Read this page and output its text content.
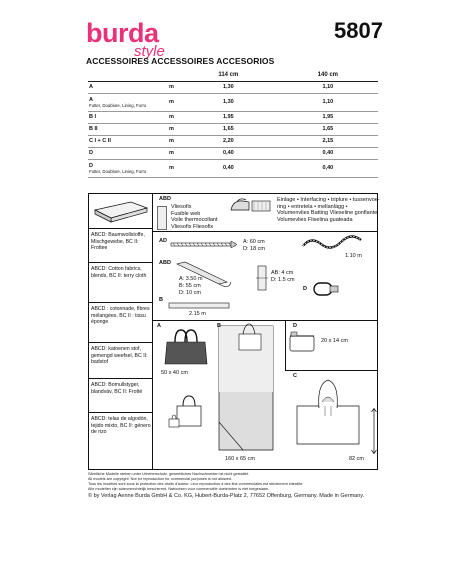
burda
style
5807
ACCESSOIRES ACCESSOIRES ACCESORIOS
		114 cm	140 cm
A	m	1,30	1,10
A
Futter, Doublure, Lining, Forro	m	1,30	1,10
B I	m	1,95	1,95
B II	m	1,65	1,65
C I + C II	m	2,20	2,15
D	m	0,40	0,40
D
Futter, Doublure, Lining, Forro	m	0,40	0,40
ABCD: Baumwollstoffe, Mischgewebe, BC II: Frottee
ABCD: Cotton fabrics, blends, BC II: terry cloth
ABCD : cotonnade, fibres mélangées, BC II : tissu éponge
ABCD: katoenen stof, gemengd weefsel, BC II: badstof
ABCD: Bomullstyger, blandväv, BC II: Frotté
ABCD: telas de algodón, tejido mixto, BC II: género de rizo
ABD
Vliesofix
Fusible web
Voile thermocollant
Vliesofix Fliesofix
Einlage • Interfacing • triplure • tussenvoe-
ring • entretela • mellanlägg •
Volumenvlies Batting Vlieseline gonflante
Volumevlies Fliselina guateada
AD	A: 60 cm
D: 18 cm
1.10 m
ABD
A: 3.50 m
B: 55 cm
D: 10 cm
AB: 4 cm
D: 1.5 cm
D
B
2.15 m
A
50 x 40 cm
B
160 x 65 cm
D
20 x 14 cm
C
82 cm
Sämtliche Modelle stehen unter Urheberschutz, gewerbliches Nachschneiden ist nicht gestattet.
All models are copyright. Not for reproduction for commercial purposes is not allowed.
Tous les modèles sont sous la protection des droits d'auteur. Leur reproduction à des fins commerciales est strictement interdite.
Alle modellen zijn auteursrechtelijk beschermd. Nabootsen voor commerciële doeleinden is niet toegestaan.
© by Verlag Aenne Burda GmbH & Co. KG, Hubert-Burda-Platz 2, 77652 Offenburg, Germany. Made in Germany.
